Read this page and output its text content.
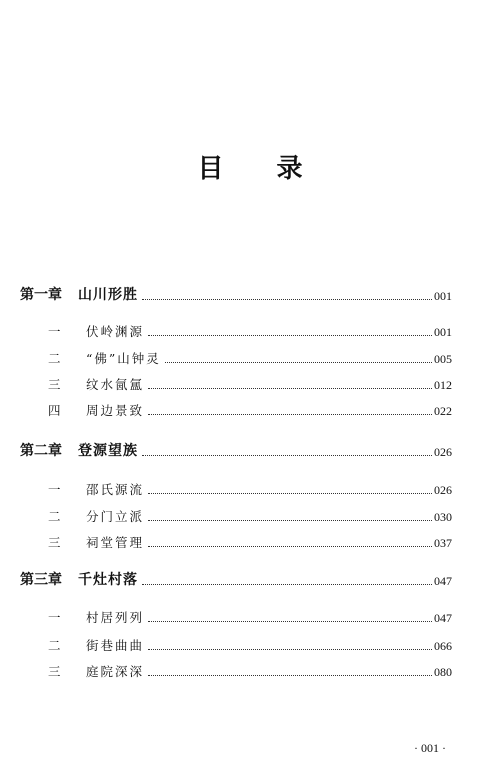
目 录
第一章	山川形胜	001
一	伏岭渊源	001
二	“佛”山钟灵	005
三	纹水氤氲	012
四	周边景致	022
第二章	登源望族	026
一	邵氏源流	026
二	分门立派	030
三	祠堂管理	037
第三章	千灶村落	047
一	村居列列	047
二	街巷曲曲	066
三	庭院深深	080
· 001 ·
